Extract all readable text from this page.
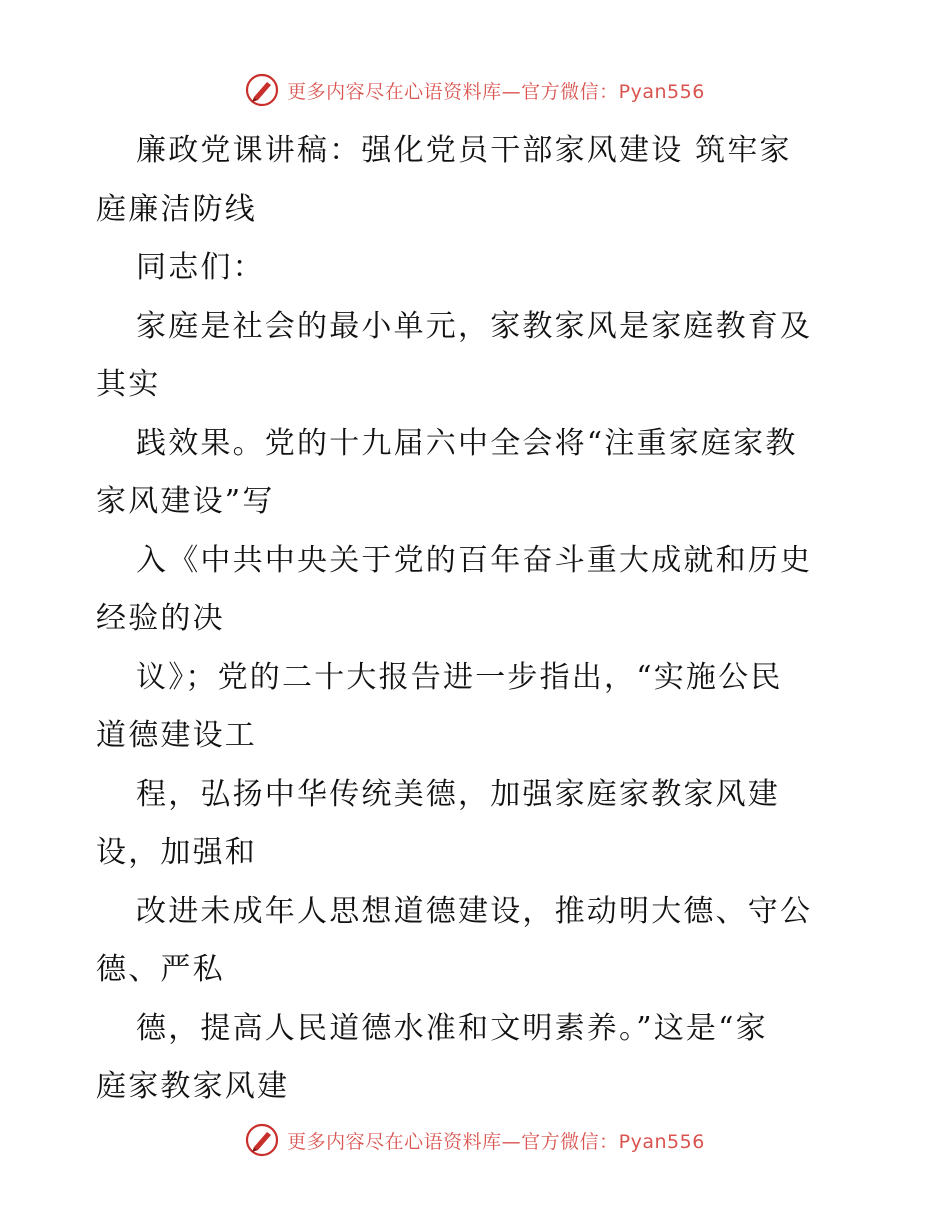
更多内容尽在心语资料库—官方微信：Pyan556

廉政党课讲稿：强化党员干部家风建设 筑牢家

庭廉洁防线

同志们：

家庭是社会的最小单元，家教家风是家庭教育及

其实

践效果。党的十九届六中全会将“注重家庭家教

家风建设”写

入《中共中央关于党的百年奋斗重大成就和历史

经验的决

议》；党的二十大报告进一步指出，“实施公民

道德建设工

程，弘扬中华传统美德，加强家庭家教家风建

设，加强和

改进未成年人思想道德建设，推动明大德、守公

德、严私

德，提高人民道德水准和文明素养。”这是“家

庭家教家风建

更多内容尽在心语资料库—官方微信：Pyan556
